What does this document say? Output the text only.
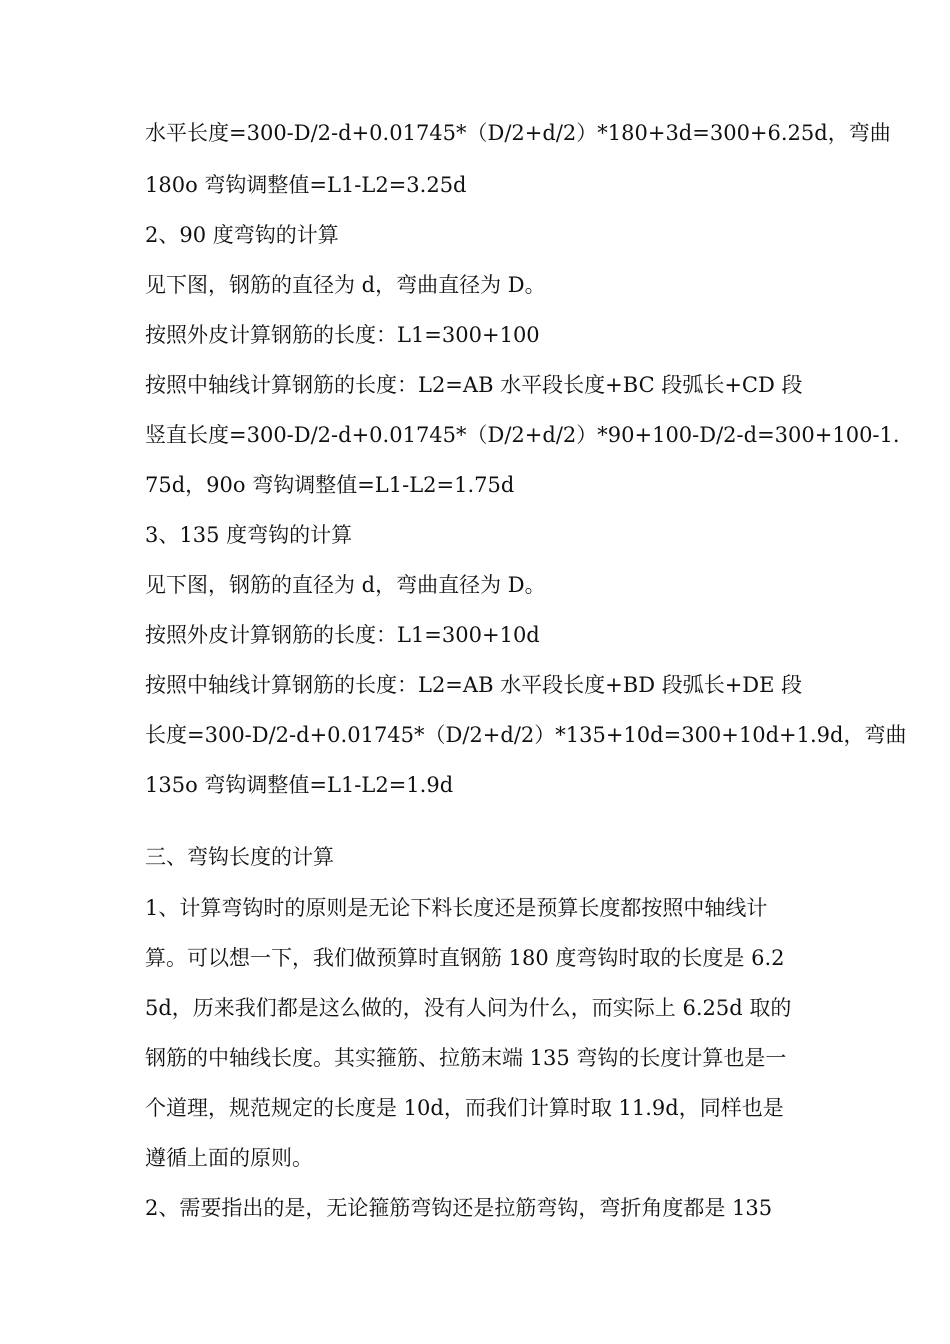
水平长度=300-D/2-d+0.01745*（D/2+d/2）*180+3d=300+6.25d，弯曲
180o 弯钩调整值=L1-L2=3.25d
2、90 度弯钩的计算
见下图，钢筋的直径为 d，弯曲直径为 D。
按照外皮计算钢筋的长度：L1=300+100
按照中轴线计算钢筋的长度：L2=AB 水平段长度+BC 段弧长+CD 段
竖直长度=300-D/2-d+0.01745*（D/2+d/2）*90+100-D/2-d=300+100-1.
75d，90o 弯钩调整值=L1-L2=1.75d
3、135 度弯钩的计算
见下图，钢筋的直径为 d，弯曲直径为 D。
按照外皮计算钢筋的长度：L1=300+10d
按照中轴线计算钢筋的长度：L2=AB 水平段长度+BD 段弧长+DE 段
长度=300-D/2-d+0.01745*（D/2+d/2）*135+10d=300+10d+1.9d，弯曲
135o 弯钩调整值=L1-L2=1.9d
三、弯钩长度的计算
1、计算弯钩时的原则是无论下料长度还是预算长度都按照中轴线计
算。可以想一下，我们做预算时直钢筋 180 度弯钩时取的长度是 6.2
5d，历来我们都是这么做的，没有人问为什么，而实际上 6.25d 取的
钢筋的中轴线长度。其实箍筋、拉筋末端 135 弯钩的长度计算也是一
个道理，规范规定的长度是 10d，而我们计算时取 11.9d，同样也是
遵循上面的原则。
2、需要指出的是，无论箍筋弯钩还是拉筋弯钩，弯折角度都是 135
